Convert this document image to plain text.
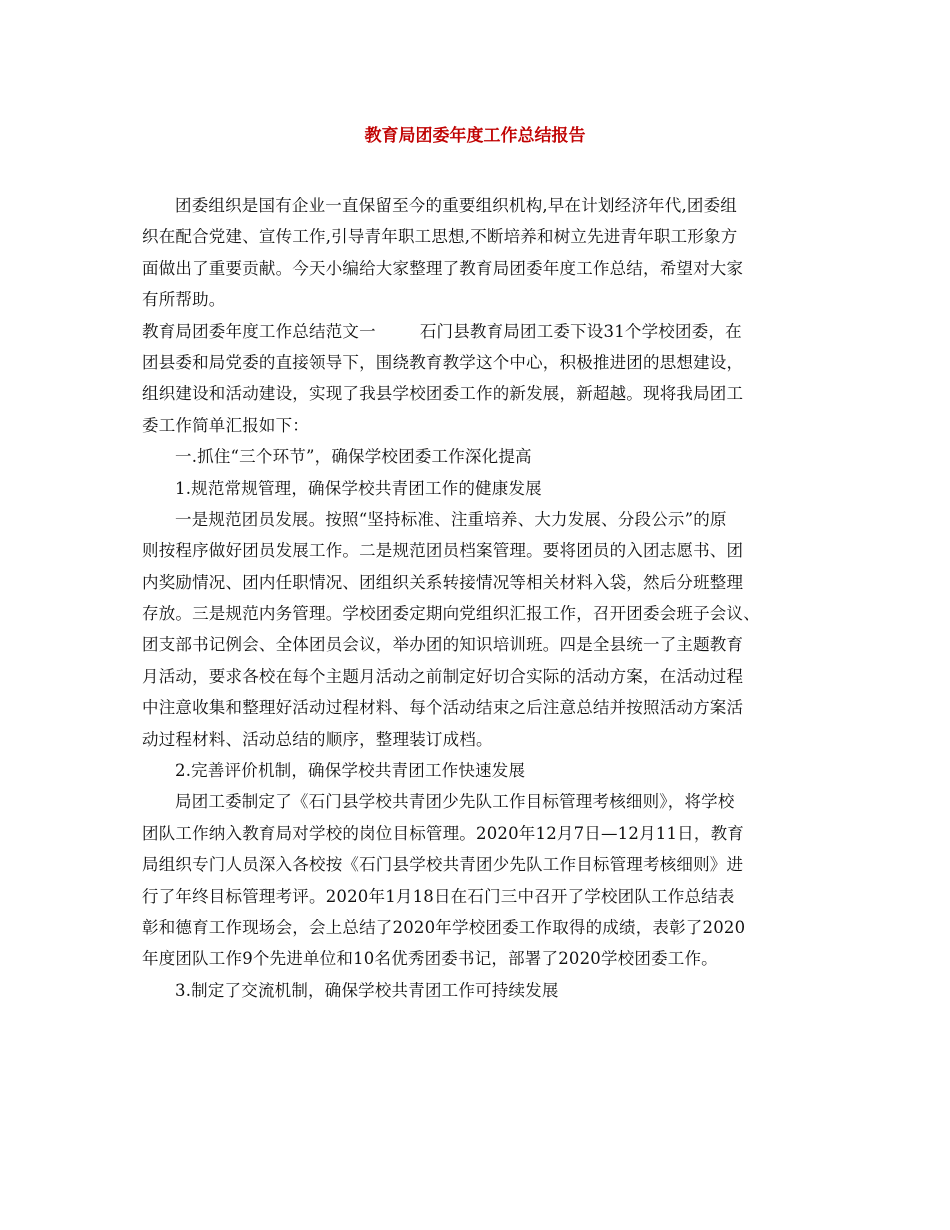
教育局团委年度工作总结报告
团委组织是国有企业一直保留至今的重要组织机构,早在计划经济年代,团委组
织在配合党建、宣传工作,引导青年职工思想,不断培养和树立先进青年职工形象方
面做出了重要贡献。今天小编给大家整理了教育局团委年度工作总结，希望对大家
有所帮助。
教育局团委年度工作总结范文一	石门县教育局团工委下设31个学校团委，在
团县委和局党委的直接领导下，围绕教育教学这个中心，积极推进团的思想建设，
组织建设和活动建设，实现了我县学校团委工作的新发展，新超越。现将我局团工
委工作简单汇报如下：
一.抓住“三个环节”，确保学校团委工作深化提高
1.规范常规管理，确保学校共青团工作的健康发展
一是规范团员发展。按照“坚持标准、注重培养、大力发展、分段公示”的原
则按程序做好团员发展工作。二是规范团员档案管理。要将团员的入团志愿书、团
内奖励情况、团内任职情况、团组织关系转接情况等相关材料入袋，然后分班整理
存放。三是规范内务管理。学校团委定期向党组织汇报工作，召开团委会班子会议、
团支部书记例会、全体团员会议，举办团的知识培训班。四是全县统一了主题教育
月活动，要求各校在每个主题月活动之前制定好切合实际的活动方案，在活动过程
中注意收集和整理好活动过程材料、每个活动结束之后注意总结并按照活动方案活
动过程材料、活动总结的顺序，整理装订成档。
2.完善评价机制，确保学校共青团工作快速发展
局团工委制定了《石门县学校共青团少先队工作目标管理考核细则》，将学校
团队工作纳入教育局对学校的岗位目标管理。2020年12月7日—12月11日，教育
局组织专门人员深入各校按《石门县学校共青团少先队工作目标管理考核细则》进
行了年终目标管理考评。2020年1月18日在石门三中召开了学校团队工作总结表
彰和德育工作现场会，会上总结了2020年学校团委工作取得的成绩，表彰了2020
年度团队工作9个先进单位和10名优秀团委书记，部署了2020学校团委工作。
3.制定了交流机制，确保学校共青团工作可持续发展
